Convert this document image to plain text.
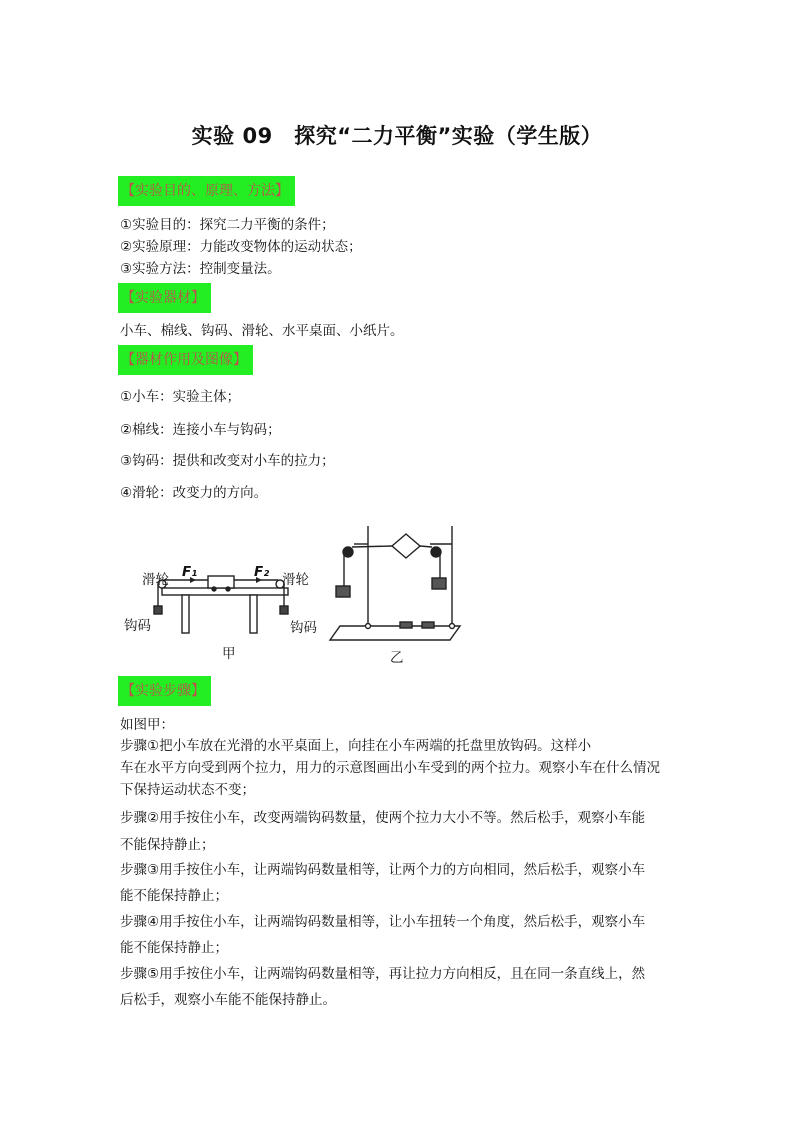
实验 09　探究“二力平衡”实验（学生版）
【实验目的、原理、方法】
①实验目的：探究二力平衡的条件；
②实验原理：力能改变物体的运动状态；
③实验方法：控制变量法。
【实验器材】
小车、棉线、钩码、滑轮、水平桌面、小纸片。
【器材作用及图像】
①小车：实验主体；
②棉线：连接小车与钩码；
③钩码：提供和改变对小车的拉力；
④滑轮：改变力的方向。
滑轮	滑轮
钩码	钩码
F₁	F₂
甲	乙
【实验步骤】
如图甲：
步骤①把小车放在光滑的水平桌面上，向挂在小车两端的托盘里放钩码。这样小
车在水平方向受到两个拉力，用力的示意图画出小车受到的两个拉力。观察小车在什么情况
下保持运动状态不变；
步骤②用手按住小车，改变两端钩码数量，使两个拉力大小不等。然后松手，观察小车能
不能保持静止；
步骤③用手按住小车，让两端钩码数量相等，让两个力的方向相同，然后松手，观察小车
能不能保持静止；
步骤④用手按住小车，让两端钩码数量相等，让小车扭转一个角度，然后松手，观察小车
能不能保持静止；
步骤⑤用手按住小车，让两端钩码数量相等，再让拉力方向相反，且在同一条直线上，然
后松手，观察小车能不能保持静止。
